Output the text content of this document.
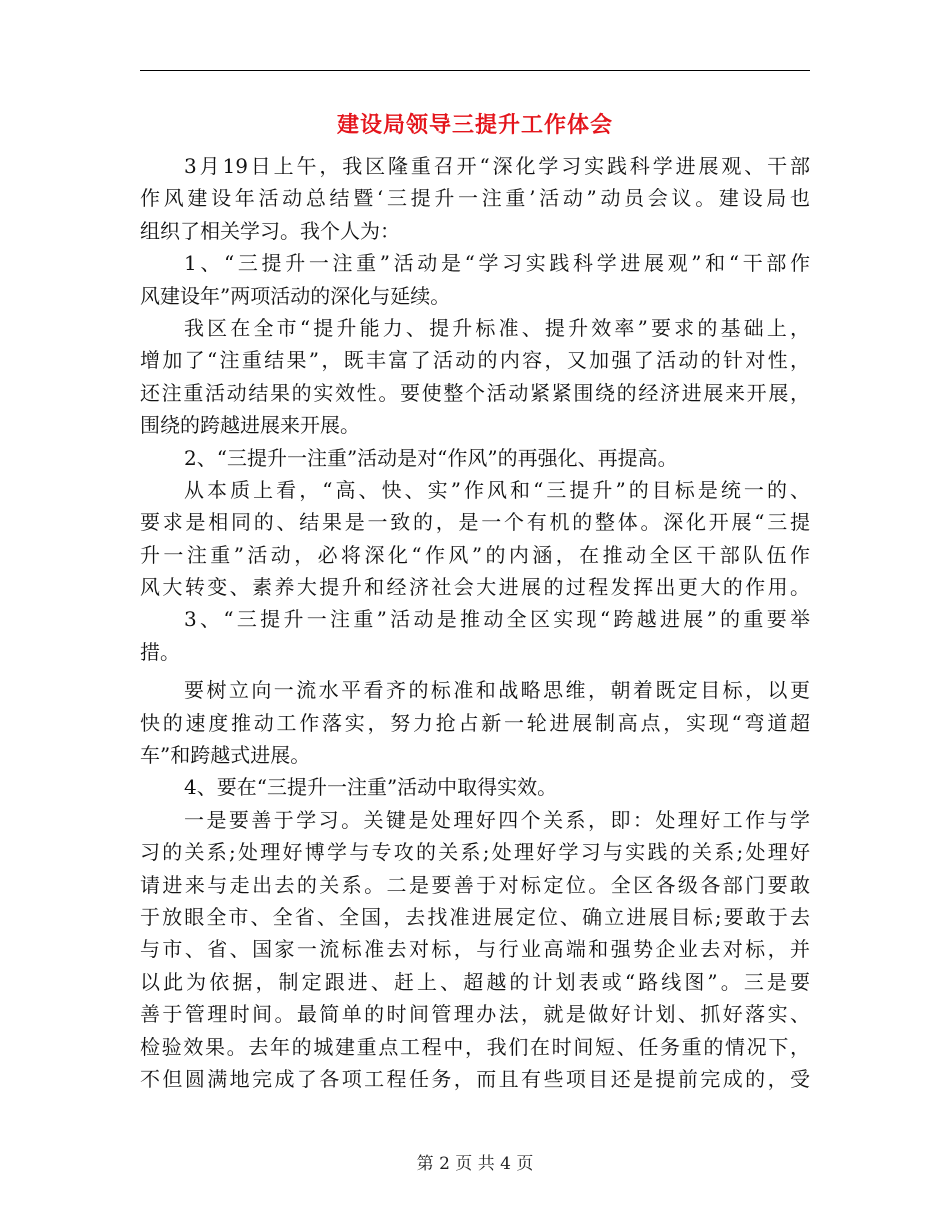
建设局领导三提升工作体会
3月19日上午，我区隆重召开“深化学习实践科学进展观、干部
作风建设年活动总结暨‘三提升一注重’活动”动员会议。建设局也
组织了相关学习。我个人为：
1、“三提升一注重”活动是“学习实践科学进展观”和“干部作
风建设年”两项活动的深化与延续。
我区在全市“提升能力、提升标准、提升效率”要求的基础上，
增加了“注重结果”，既丰富了活动的内容，又加强了活动的针对性，
还注重活动结果的实效性。要使整个活动紧紧围绕的经济进展来开展，
围绕的跨越进展来开展。
2、“三提升一注重”活动是对“作风”的再强化、再提高。
从本质上看，“高、快、实”作风和“三提升”的目标是统一的、
要求是相同的、结果是一致的，是一个有机的整体。深化开展“三提
升一注重”活动，必将深化“作风”的内涵，在推动全区干部队伍作
风大转变、素养大提升和经济社会大进展的过程发挥出更大的作用。
3、“三提升一注重”活动是推动全区实现“跨越进展”的重要举
措。
要树立向一流水平看齐的标准和战略思维，朝着既定目标，以更
快的速度推动工作落实，努力抢占新一轮进展制高点，实现“弯道超
车”和跨越式进展。
4、要在“三提升一注重”活动中取得实效。
一是要善于学习。关键是处理好四个关系，即：处理好工作与学
习的关系;处理好博学与专攻的关系;处理好学习与实践的关系;处理好
请进来与走出去的关系。二是要善于对标定位。全区各级各部门要敢
于放眼全市、全省、全国，去找准进展定位、确立进展目标;要敢于去
与市、省、国家一流标准去对标，与行业高端和强势企业去对标，并
以此为依据，制定跟进、赶上、超越的计划表或“路线图”。三是要
善于管理时间。最简单的时间管理办法，就是做好计划、抓好落实、
检验效果。去年的城建重点工程中，我们在时间短、任务重的情况下，
不但圆满地完成了各项工程任务，而且有些项目还是提前完成的，受
第 2 页 共 4 页
